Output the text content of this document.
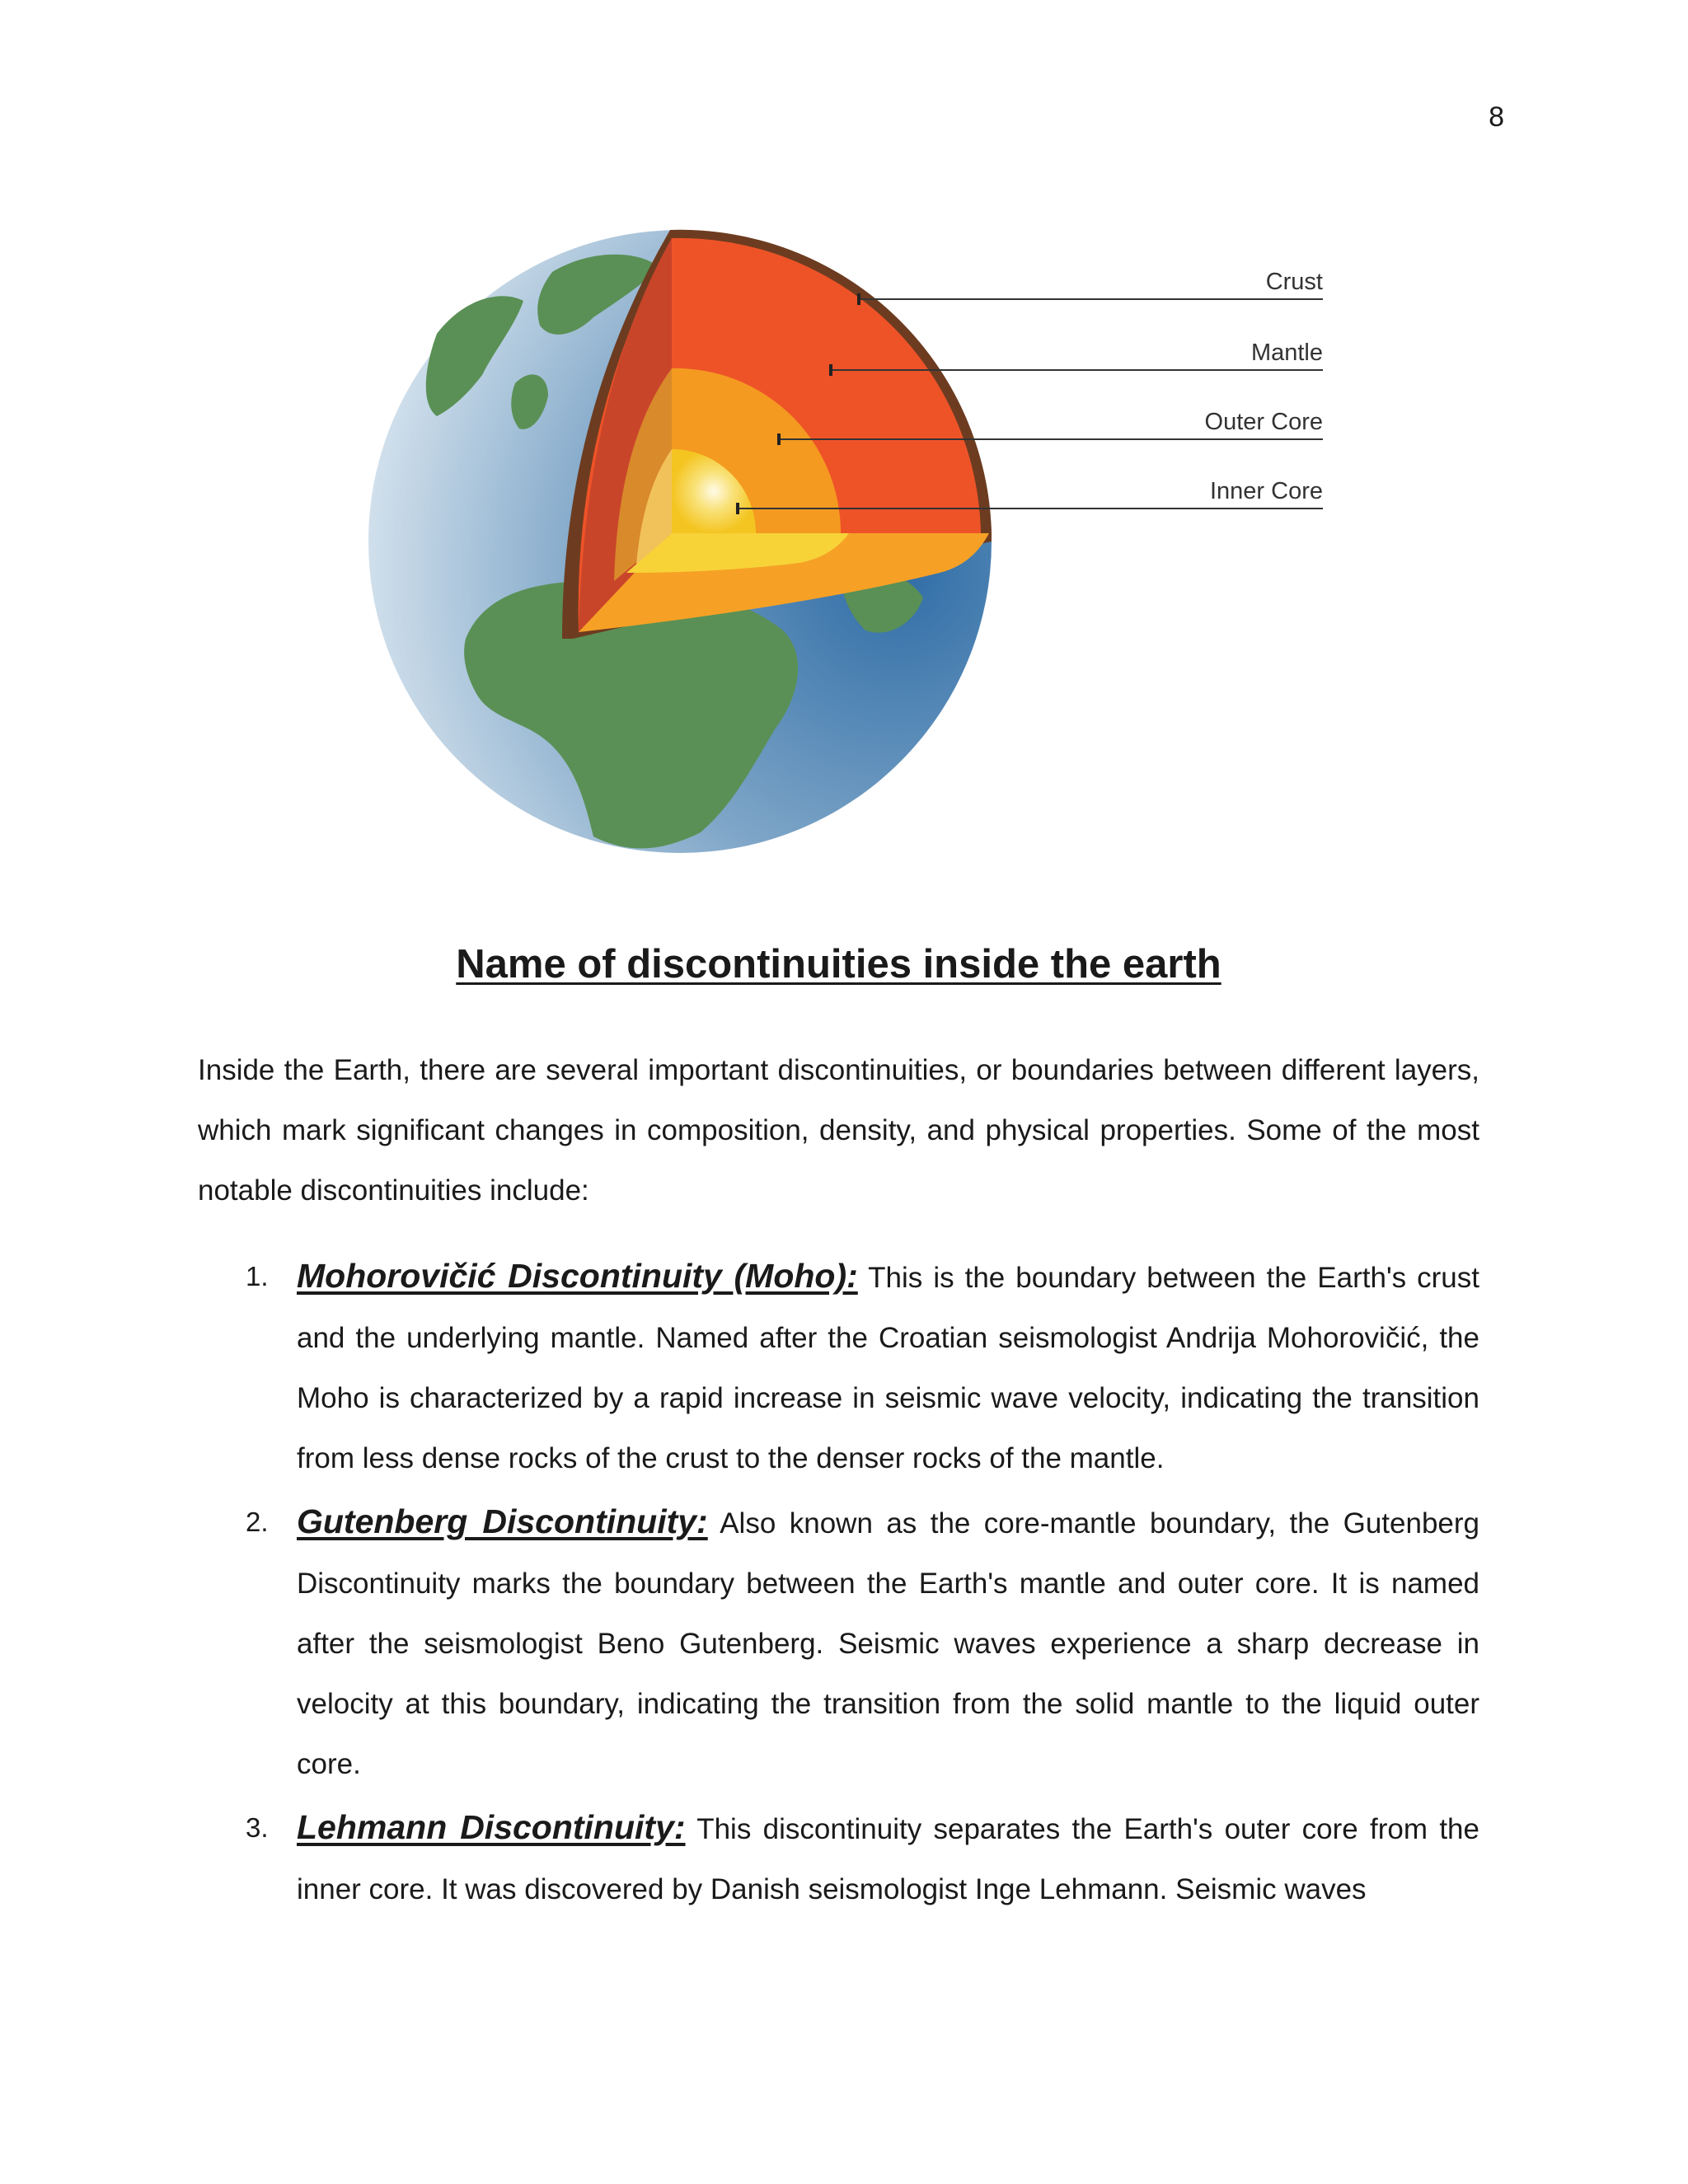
8
Crust
Mantle
Outer Core
Inner Core
Name of discontinuities inside the earth

Inside the Earth, there are several important discontinuities, or boundaries between different layers, which mark significant changes in composition, density, and physical properties. Some of the most notable discontinuities include:

1. Mohorovičić Discontinuity (Moho): This is the boundary between the Earth's crust and the underlying mantle. Named after the Croatian seismologist Andrija Mohorovičić, the Moho is characterized by a rapid increase in seismic wave velocity, indicating the transition from less dense rocks of the crust to the denser rocks of the mantle.
2. Gutenberg Discontinuity: Also known as the core-mantle boundary, the Gutenberg Discontinuity marks the boundary between the Earth's mantle and outer core. It is named after the seismologist Beno Gutenberg. Seismic waves experience a sharp decrease in velocity at this boundary, indicating the transition from the solid mantle to the liquid outer core.
3. Lehmann Discontinuity: This discontinuity separates the Earth's outer core from the inner core. It was discovered by Danish seismologist Inge Lehmann. Seismic waves
